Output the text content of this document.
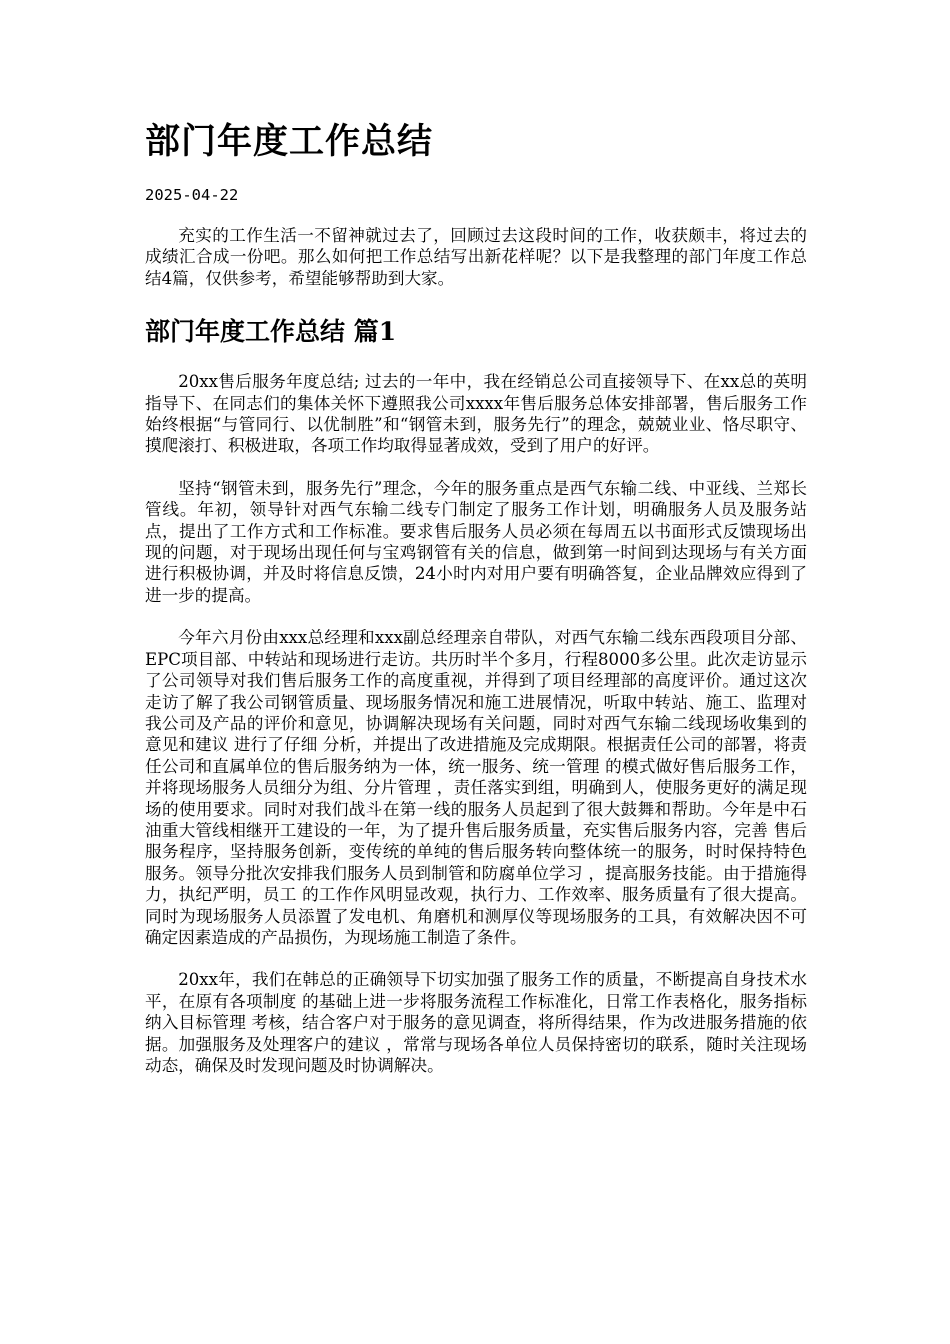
部门年度工作总结
2025-04-22

充实的工作生活一不留神就过去了，回顾过去这段时间的工作，收获颇丰，将过去的成绩汇合成一份吧。那么如何把工作总结写出新花样呢？以下是我整理的部门年度工作总结4篇，仅供参考，希望能够帮助到大家。

部门年度工作总结 篇1

20xx售后服务年度总结; 过去的一年中，我在经销总公司直接领导下、在xx总的英明指导下、在同志们的集体关怀下遵照我公司xxxx年售后服务总体安排部署，售后服务工作始终根据“与管同行、以优制胜”和“钢管未到，服务先行”的理念，兢兢业业、恪尽职守、摸爬滚打、积极进取，各项工作均取得显著成效，受到了用户的好评。

坚持“钢管未到，服务先行”理念，今年的服务重点是西气东输二线、中亚线、兰郑长管线。年初，领导针对西气东输二线专门制定了服务工作计划，明确服务人员及服务站点，提出了工作方式和工作标准。要求售后服务人员必须在每周五以书面形式反馈现场出现的问题，对于现场出现任何与宝鸡钢管有关的信息，做到第一时间到达现场与有关方面进行积极协调，并及时将信息反馈，24小时内对用户要有明确答复，企业品牌效应得到了进一步的提高。

今年六月份由xxx总经理和xxx副总经理亲自带队，对西气东输二线东西段项目分部、EPC项目部、中转站和现场进行走访。共历时半个多月，行程8000多公里。此次走访显示了公司领导对我们售后服务工作的高度重视，并得到了项目经理部的高度评价。通过这次走访了解了我公司钢管质量、现场服务情况和施工进展情况，听取中转站、施工、监理对我公司及产品的评价和意见，协调解决现场有关问题，同时对西气东输二线现场收集到的意见和建议 进行了仔细 分析，并提出了改进措施及完成期限。根据责任公司的部署，将责任公司和直属单位的售后服务纳为一体，统一服务、统一管理 的模式做好售后服务工作，并将现场服务人员细分为组、分片管理 ，责任落实到组，明确到人，使服务更好的满足现场的使用要求。同时对我们战斗在第一线的服务人员起到了很大鼓舞和帮助。今年是中石油重大管线相继开工建设的一年，为了提升售后服务质量，充实售后服务内容，完善 售后服务程序，坚持服务创新，变传统的单纯的售后服务转向整体统一的服务，时时保持特色服务。领导分批次安排我们服务人员到制管和防腐单位学习 ，提高服务技能。由于措施得力，执纪严明，员工 的工作作风明显改观，执行力、工作效率、服务质量有了很大提高。同时为现场服务人员添置了发电机、角磨机和测厚仪等现场服务的工具，有效解决因不可确定因素造成的产品损伤，为现场施工制造了条件。

20xx年，我们在韩总的正确领导下切实加强了服务工作的质量，不断提高自身技术水平，在原有各项制度 的基础上进一步将服务流程工作标准化，日常工作表格化，服务指标纳入目标管理 考核，结合客户对于服务的意见调查，将所得结果，作为改进服务措施的依据。加强服务及处理客户的建议 ，常常与现场各单位人员保持密切的联系，随时关注现场动态，确保及时发现问题及时协调解决。
